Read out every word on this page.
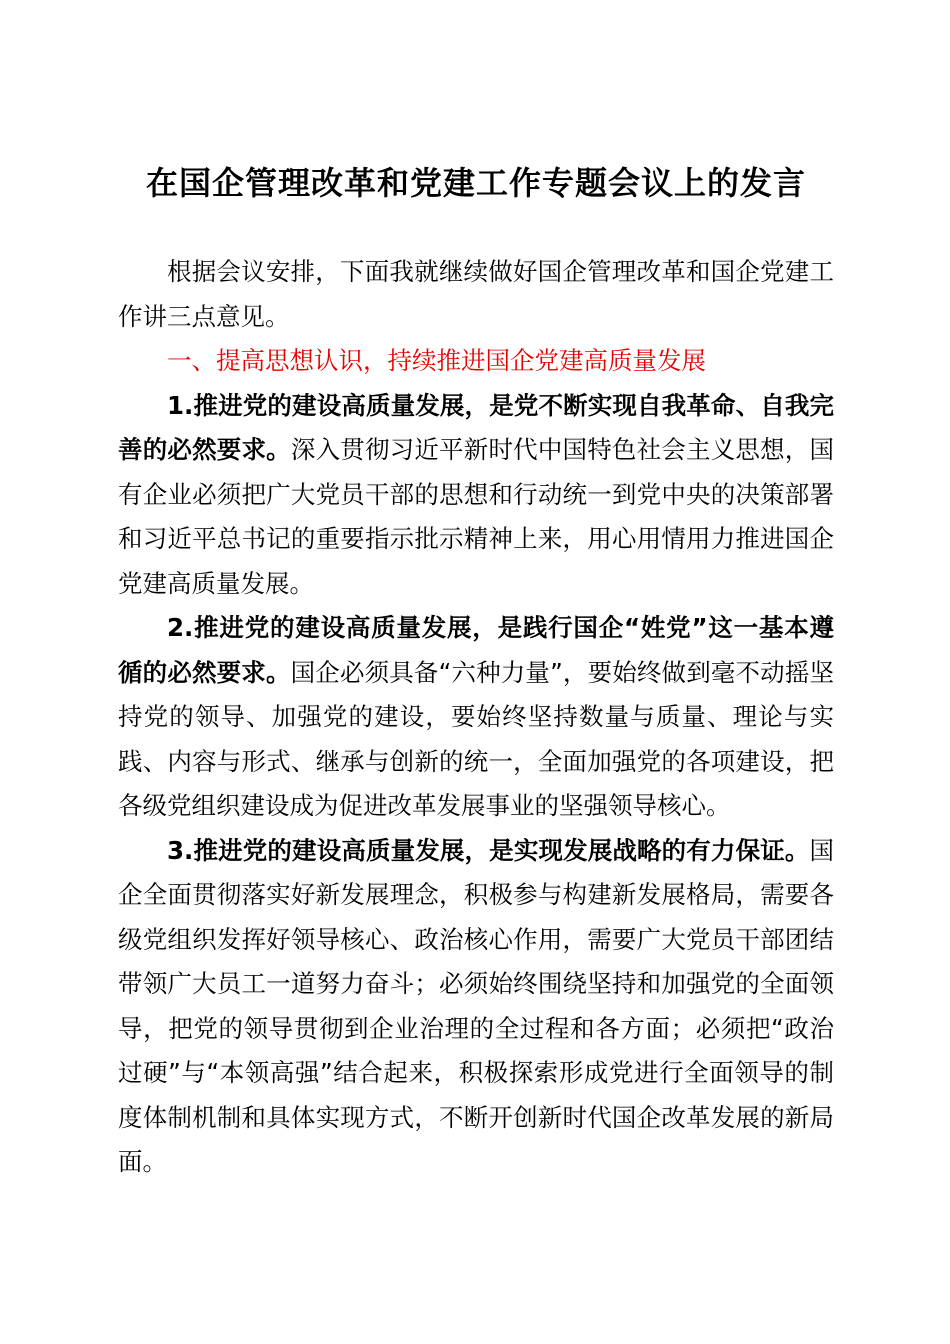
在国企管理改革和党建工作专题会议上的发言

根据会议安排，下面我就继续做好国企管理改革和国企党建工作讲三点意见。

一、提高思想认识，持续推进国企党建高质量发展

1.推进党的建设高质量发展，是党不断实现自我革命、自我完善的必然要求。深入贯彻习近平新时代中国特色社会主义思想，国有企业必须把广大党员干部的思想和行动统一到党中央的决策部署和习近平总书记的重要指示批示精神上来，用心用情用力推进国企党建高质量发展。

2.推进党的建设高质量发展，是践行国企“姓党”这一基本遵循的必然要求。国企必须具备“六种力量”，要始终做到毫不动摇坚持党的领导、加强党的建设，要始终坚持数量与质量、理论与实践、内容与形式、继承与创新的统一，全面加强党的各项建设，把各级党组织建设成为促进改革发展事业的坚强领导核心。

3.推进党的建设高质量发展，是实现发展战略的有力保证。国企全面贯彻落实好新发展理念，积极参与构建新发展格局，需要各级党组织发挥好领导核心、政治核心作用，需要广大党员干部团结带领广大员工一道努力奋斗；必须始终围绕坚持和加强党的全面领导，把党的领导贯彻到企业治理的全过程和各方面；必须把“政治过硬”与“本领高强”结合起来，积极探索形成党进行全面领导的制度体制机制和具体实现方式，不断开创新时代国企改革发展的新局面。
